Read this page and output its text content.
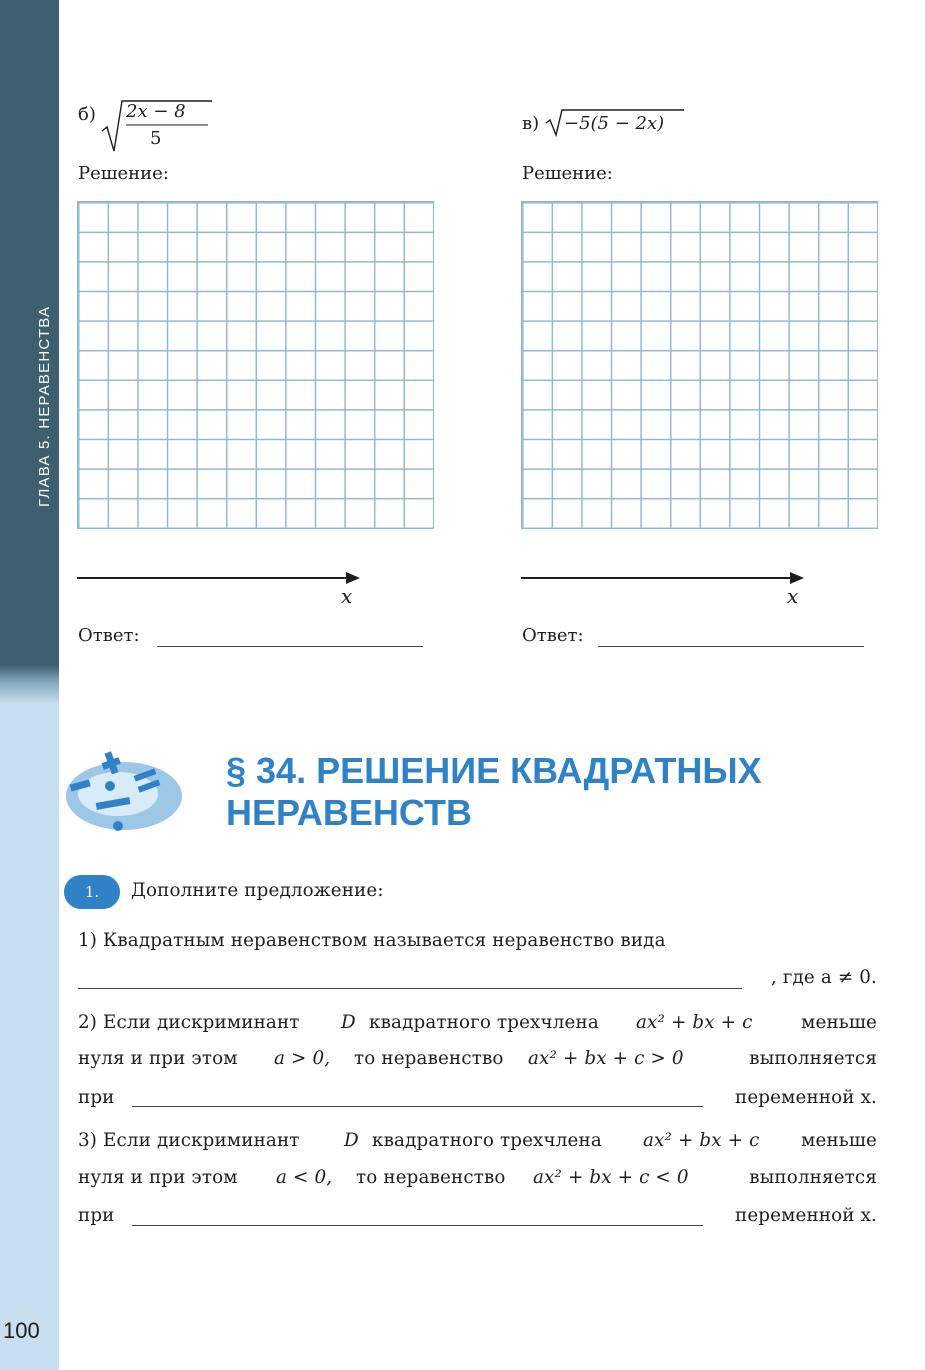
ГЛАВА 5. НЕРАВЕНСТВА
100
б) 2x − 8
5
Решение:
x
Ответ:
в) −5(5 − 2x)
Решение:
x
Ответ:
§ 34. РЕШЕНИЕ КВАДРАТНЫХ
НЕРАВЕНСТВ
1.	Дополните предложение:
1) Квадратным неравенством называется неравенство вида
, где a ≠ 0.
2) Если дискриминант D квадратного трехчлена ax² + bx + c	меньше
нуля и при этом a > 0, то неравенство ax² + bx + c > 0	выполняется
при	переменной x.
3) Если дискриминант D квадратного трехчлена ax² + bx + c меньше
нуля и при этом a < 0, то неравенство ax² + bx + c < 0	выполняется
при	переменной x.
